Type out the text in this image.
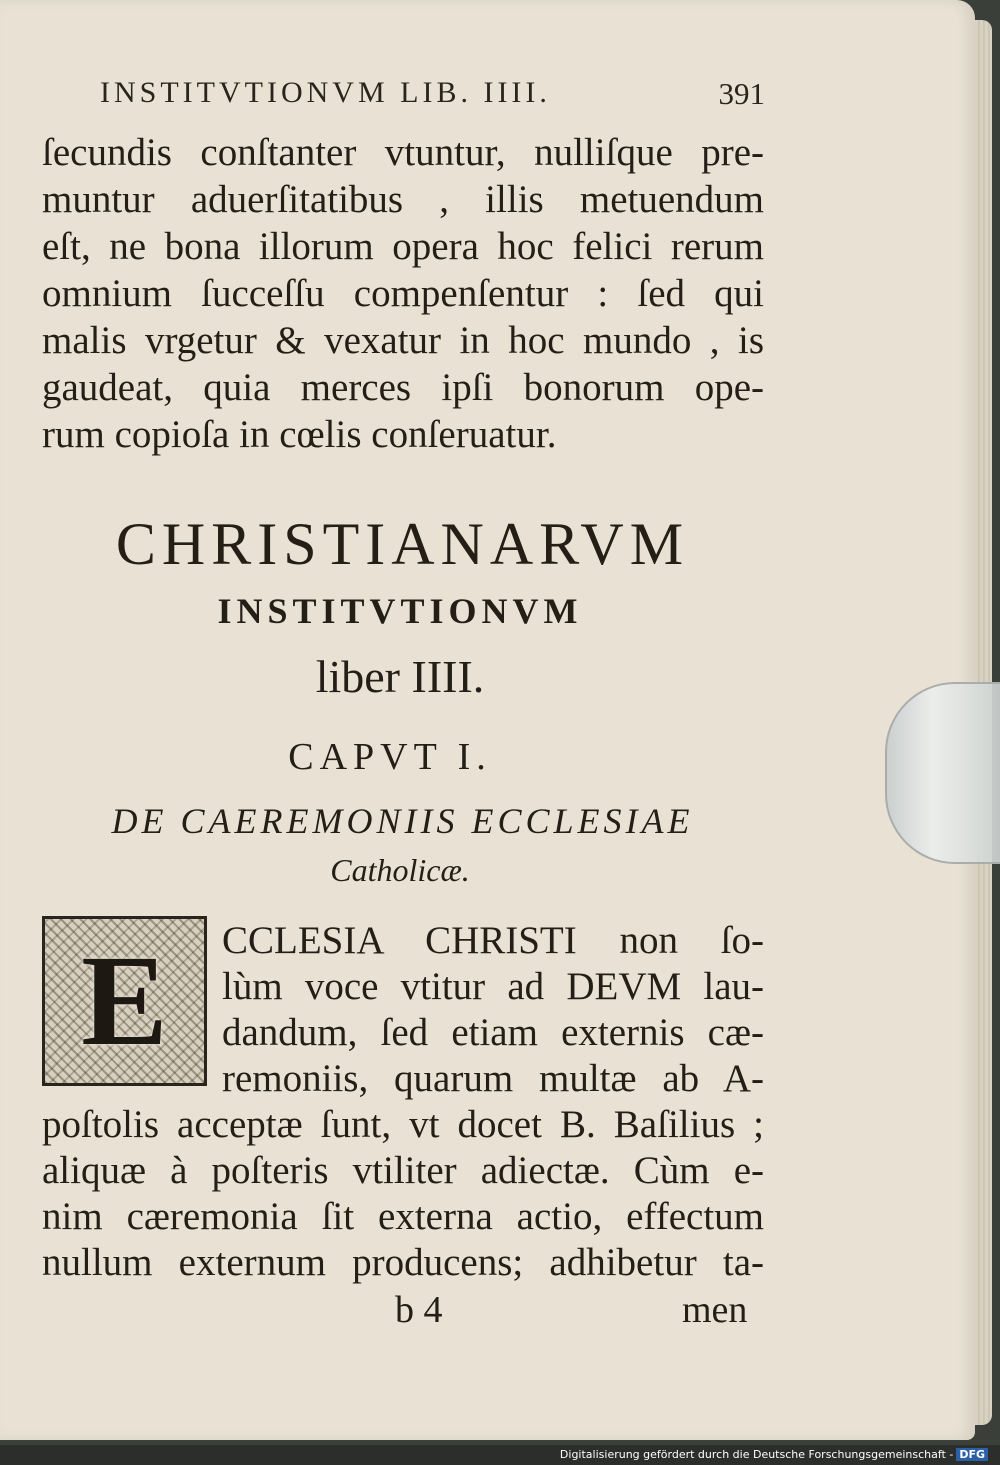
INSTITVTIONVM LIB. IIII.	391
ſecundis conſtanter vtuntur, nulliſque pre-
muntur aduerſitatibus , illis metuendum
eſt, ne bona illorum opera hoc felici rerum
omnium ſucceſſu compenſentur : ſed qui
malis vrgetur & vexatur in hoc mundo , is
gaudeat, quia merces ipſi bonorum ope-
rum copioſa in cœlis conſeruatur.
CHRISTIANARVM
INSTITVTIONVM
liber IIII.
CAPVT I.
DE CAEREMONIIS ECCLESIAE
Catholicæ.
E	CCLESIA CHRISTI non ſo-
lùm voce vtitur ad DEVM lau-
dandum, ſed etiam externis cæ-
remoniis, quarum multæ ab A-
poſtolis acceptæ ſunt, vt docet B. Baſilius ;
aliquæ à poſteris vtiliter adiectæ. Cùm e-
nim cæremonia ſit externa actio, effectum
nullum externum producens; adhibetur ta-
b 4	men
Digitalisierung gefördert durch die Deutsche Forschungsgemeinschaft - DFG
